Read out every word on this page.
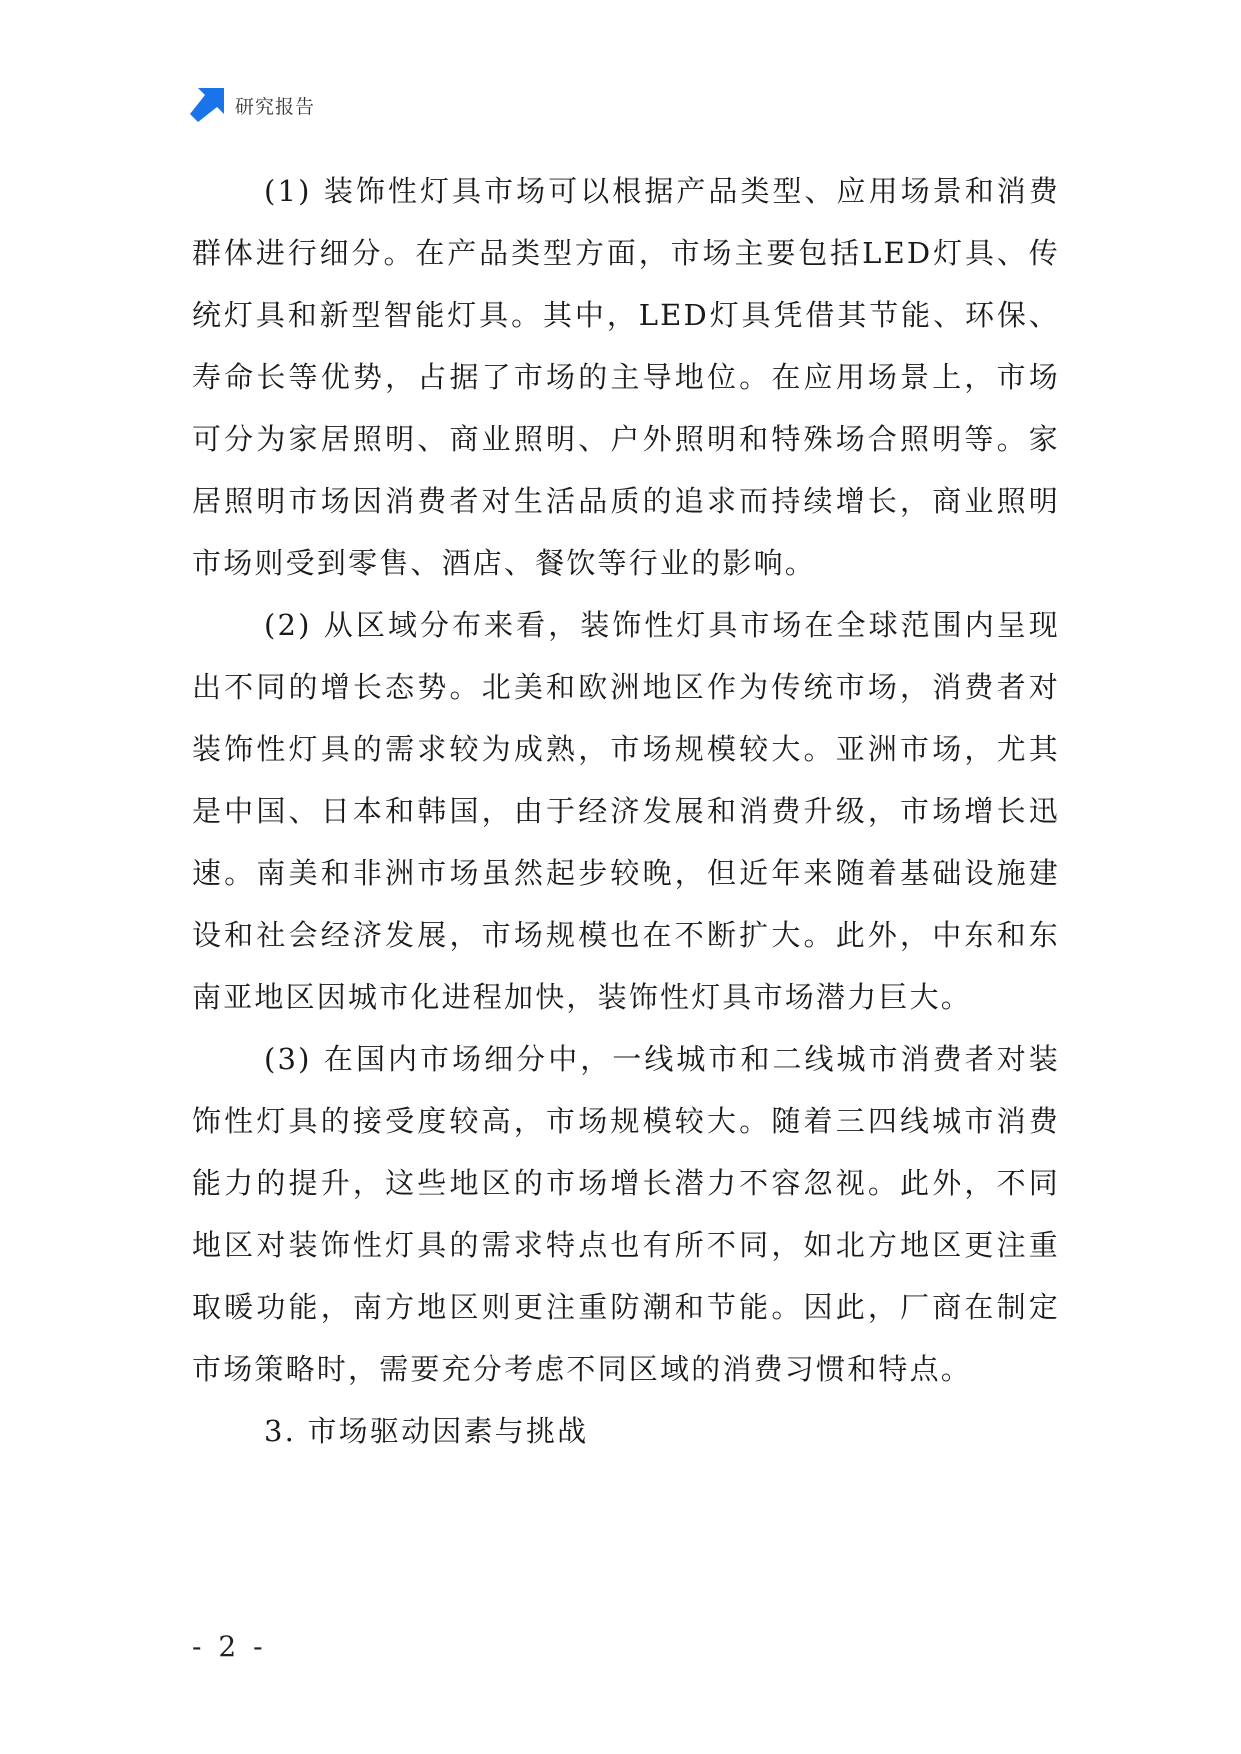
研究报告

(1) 装饰性灯具市场可以根据产品类型、应用场景和消费群体进行细分。在产品类型方面，市场主要包括LED灯具、传统灯具和新型智能灯具。其中，LED灯具凭借其节能、环保、寿命长等优势，占据了市场的主导地位。在应用场景上，市场可分为家居照明、商业照明、户外照明和特殊场合照明等。家居照明市场因消费者对生活品质的追求而持续增长，商业照明市场则受到零售、酒店、餐饮等行业的影响。

(2) 从区域分布来看，装饰性灯具市场在全球范围内呈现出不同的增长态势。北美和欧洲地区作为传统市场，消费者对装饰性灯具的需求较为成熟，市场规模较大。亚洲市场，尤其是中国、日本和韩国，由于经济发展和消费升级，市场增长迅速。南美和非洲市场虽然起步较晚，但近年来随着基础设施建设和社会经济发展，市场规模也在不断扩大。此外，中东和东南亚地区因城市化进程加快，装饰性灯具市场潜力巨大。

(3) 在国内市场细分中，一线城市和二线城市消费者对装饰性灯具的接受度较高，市场规模较大。随着三四线城市消费能力的提升，这些地区的市场增长潜力不容忽视。此外，不同地区对装饰性灯具的需求特点也有所不同，如北方地区更注重取暖功能，南方地区则更注重防潮和节能。因此，厂商在制定市场策略时，需要充分考虑不同区域的消费习惯和特点。

3. 市场驱动因素与挑战

- 2 -
